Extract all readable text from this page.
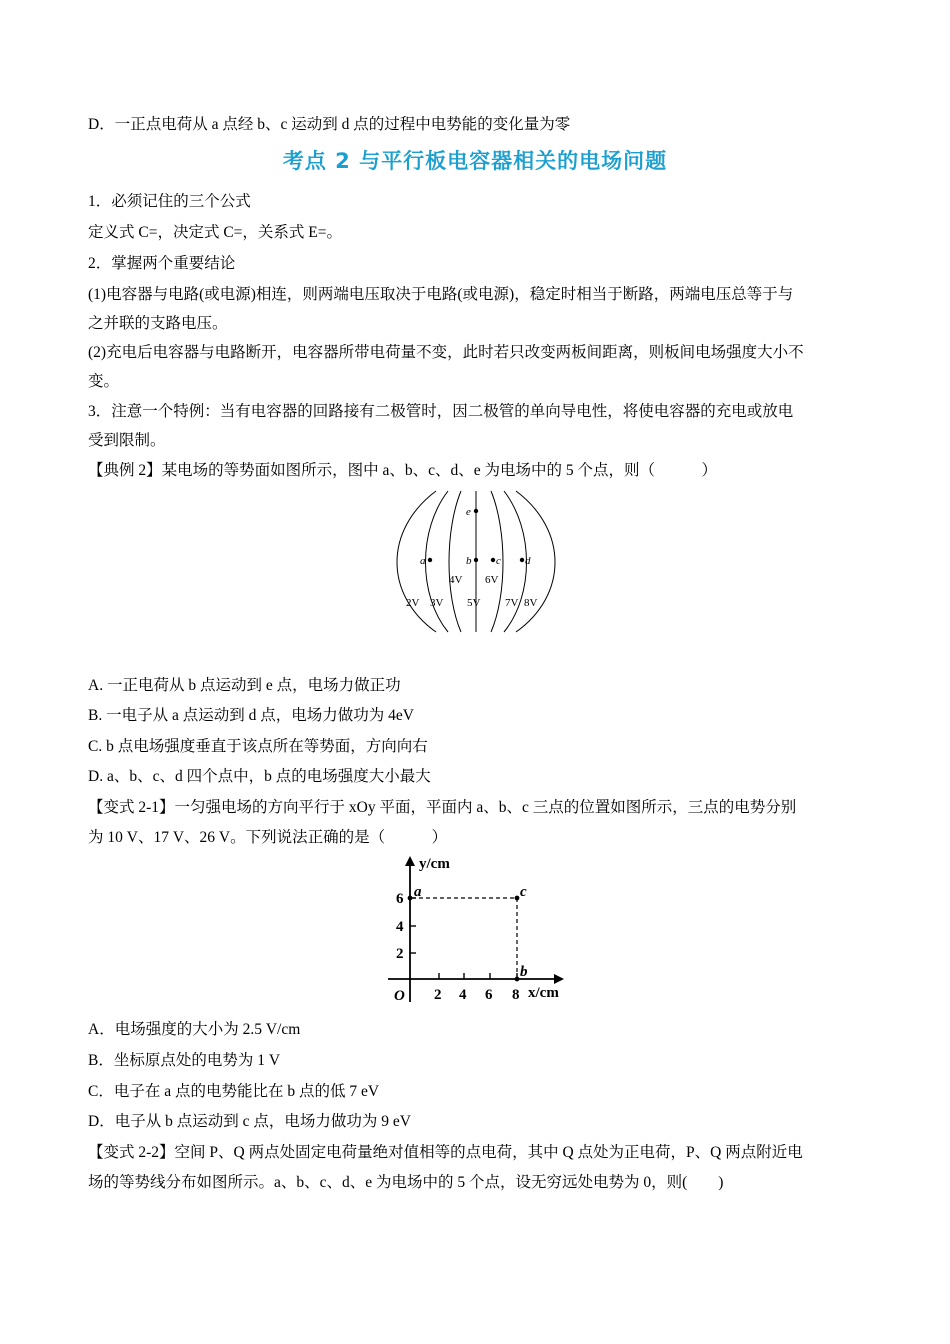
D．一正点电荷从 a 点经 b、c 运动到 d 点的过程中电势能的变化量为零
考点 2 与平行板电容器相关的电场问题
1．必须记住的三个公式
定义式 C=，决定式 C=，关系式 E=。
2．掌握两个重要结论
(1)电容器与电路(或电源)相连，则两端电压取决于电路(或电源)，稳定时相当于断路，两端电压总等于与
之并联的支路电压。
(2)充电后电容器与电路断开，电容器所带电荷量不变，此时若只改变两板间距离，则板间电场强度大小不
变。
3．注意一个特例：当有电容器的回路接有二极管时，因二极管的单向导电性，将使电容器的充电或放电
受到限制。
【典例 2】某电场的等势面如图所示，图中 a、b、c、d、e 为电场中的 5 个点，则（　　　）
e
a	b c d
4V 6V
2V 3V 5V 7V 8V
A. 一正电荷从 b 点运动到 e 点，电场力做正功
B. 一电子从 a 点运动到 d 点，电场力做功为 4eV
C. b 点电场强度垂直于该点所在等势面，方向向右
D. a、b、c、d 四个点中，b 点的电场强度大小最大
【变式 2-1】一匀强电场的方向平行于 xOy 平面，平面内 a、b、c 三点的位置如图所示，三点的电势分别
为 10 V、17 V、26 V。下列说法正确的是（　　　）
y/cm
x/cm
2 4 6 8
2
4
6
O
a	c
b
A．电场强度的大小为 2.5 V/cm
B．坐标原点处的电势为 1 V
C．电子在 a 点的电势能比在 b 点的低 7 eV
D．电子从 b 点运动到 c 点，电场力做功为 9 eV
【变式 2-2】空间 P、Q 两点处固定电荷量绝对值相等的点电荷，其中 Q 点处为正电荷，P、Q 两点附近电
场的等势线分布如图所示。a、b、c、d、e 为电场中的 5 个点，设无穷远处电势为 0，则(　　)
